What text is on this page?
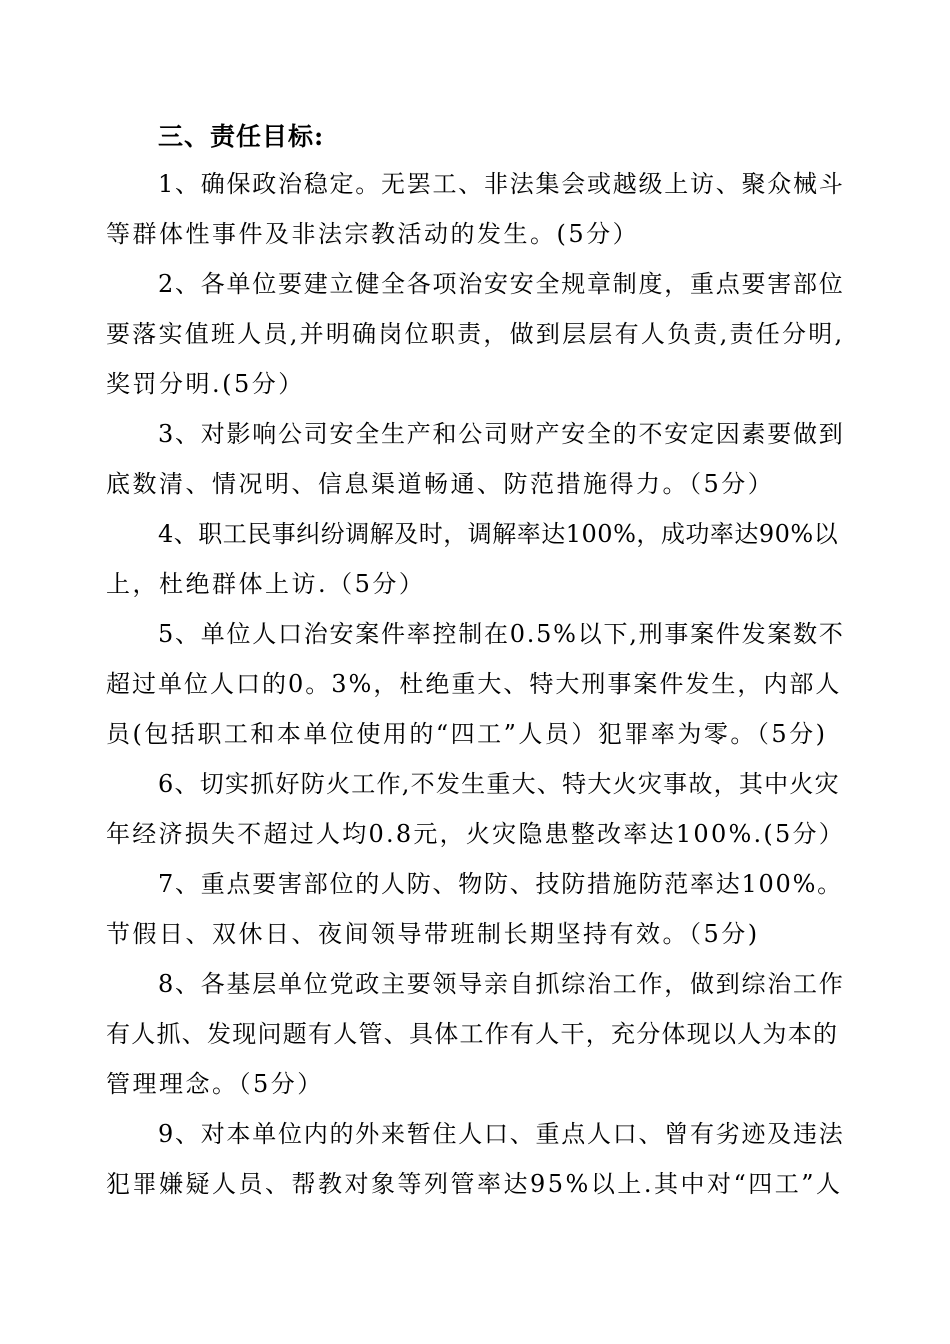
三、责任目标:
1、确保政治稳定。无罢工、非法集会或越级上访、聚众械斗
等群体性事件及非法宗教活动的发生。(5分）
2、各单位要建立健全各项治安安全规章制度，重点要害部位
要落实值班人员,并明确岗位职责，做到层层有人负责,责任分明,
奖罚分明.(5分）
3、对影响公司安全生产和公司财产安全的不安定因素要做到
底数清、情况明、信息渠道畅通、防范措施得力。（5分）
4、职工民事纠纷调解及时，调解率达100%，成功率达90%以
上，杜绝群体上访.（5分）
5、单位人口治安案件率控制在0.5%以下,刑事案件发案数不
超过单位人口的0。3%，杜绝重大、特大刑事案件发生，内部人
员(包括职工和本单位使用的“四工”人员）犯罪率为零。（5分)
6、切实抓好防火工作,不发生重大、特大火灾事故，其中火灾
年经济损失不超过人均0.8元，火灾隐患整改率达100%.(5分）
7、重点要害部位的人防、物防、技防措施防范率达100%。
节假日、双休日、夜间领导带班制长期坚持有效。（5分)
8、各基层单位党政主要领导亲自抓综治工作，做到综治工作
有人抓、发现问题有人管、具体工作有人干，充分体现以人为本的
管理理念。（5分）
9、对本单位内的外来暂住人口、重点人口、曾有劣迹及违法
犯罪嫌疑人员、帮教对象等列管率达95%以上.其中对“四工”人
